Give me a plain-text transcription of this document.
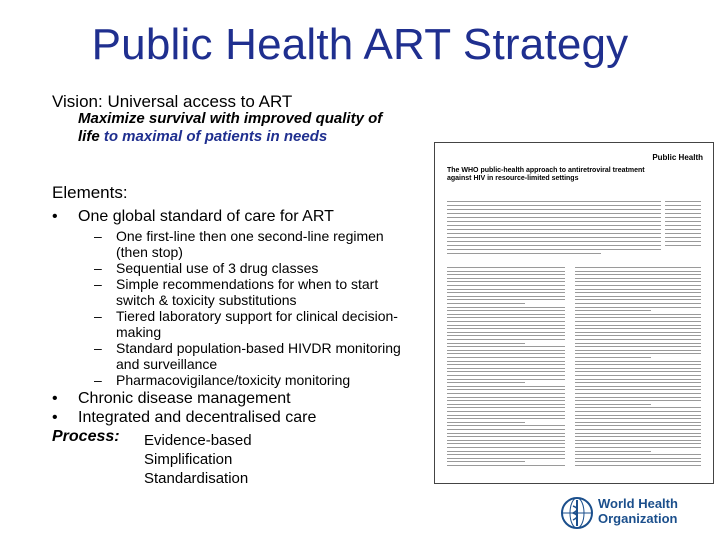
Public Health ART Strategy
Vision: Universal access to ART
Maximize survival with improved quality of life to maximal of patients in needs
Elements:
• One global standard of care for ART
– One first-line then one second-line regimen (then stop)
– Sequential use of 3 drug classes
– Simple recommendations for when to start switch & toxicity substitutions
– Tiered laboratory support for clinical decision-making
– Standard population-based HIVDR monitoring and surveillance
– Pharmacovigilance/toxicity monitoring
• Chronic disease management
• Integrated and decentralised care
Process: Evidence-based
Simplification
Standardisation
Public Health
The WHO public-health approach to antiretroviral treatment against HIV in resource-limited settings
World Health
Organization
